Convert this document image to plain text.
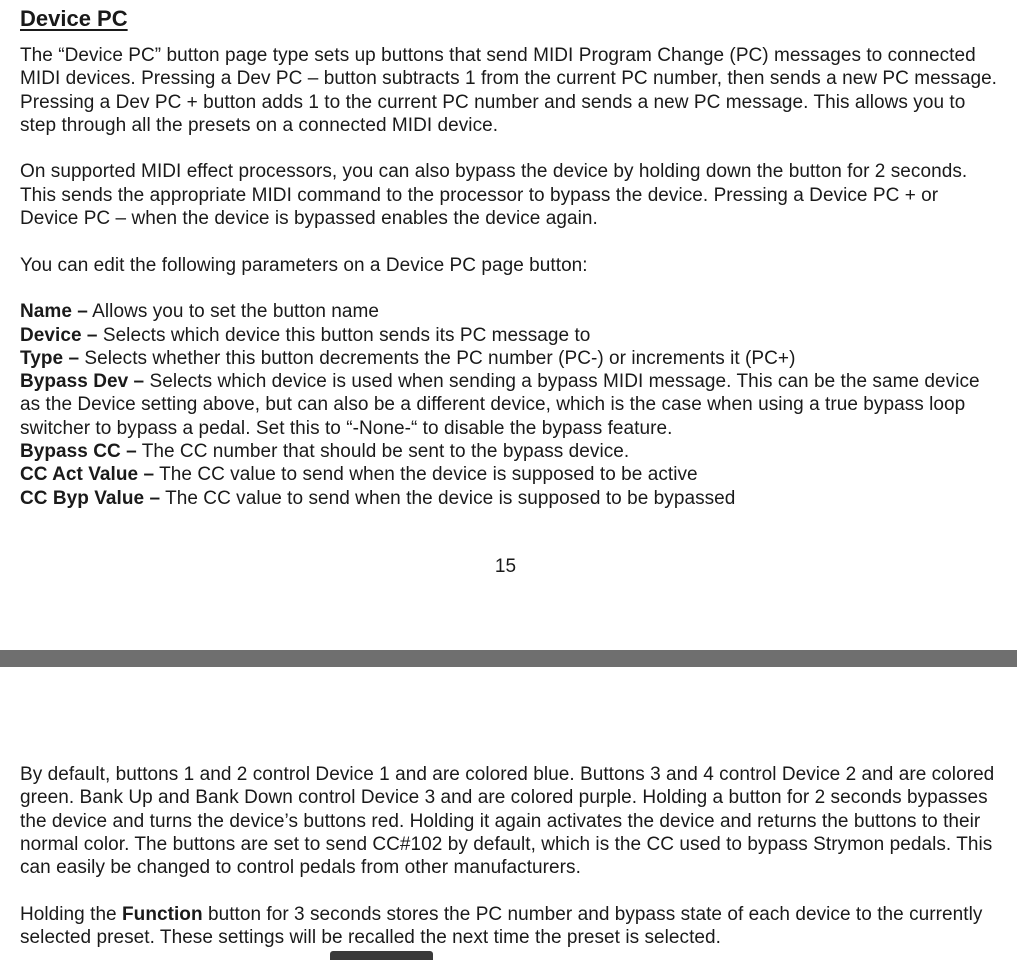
Device PC

The “Device PC” button page type sets up buttons that send MIDI Program Change (PC) messages to connected MIDI devices. Pressing a Dev PC – button subtracts 1 from the current PC number, then sends a new PC message. Pressing a Dev PC + button adds 1 to the current PC number and sends a new PC message. This allows you to step through all the presets on a connected MIDI device.

On supported MIDI effect processors, you can also bypass the device by holding down the button for 2 seconds. This sends the appropriate MIDI command to the processor to bypass the device. Pressing a Device PC + or Device PC – when the device is bypassed enables the device again.

You can edit the following parameters on a Device PC page button:

Name – Allows you to set the button name

Device – Selects which device this button sends its PC message to

Type – Selects whether this button decrements the PC number (PC-) or increments it (PC+)

Bypass Dev – Selects which device is used when sending a bypass MIDI message. This can be the same device as the Device setting above, but can also be a different device, which is the case when using a true bypass loop switcher to bypass a pedal. Set this to “-None-“ to disable the bypass feature.

Bypass CC – The CC number that should be sent to the bypass device.

CC Act Value – The CC value to send when the device is supposed to be active

CC Byp Value – The CC value to send when the device is supposed to be bypassed

15

By default, buttons 1 and 2 control Device 1 and are colored blue. Buttons 3 and 4 control Device 2 and are colored green. Bank Up and Bank Down control Device 3 and are colored purple. Holding a button for 2 seconds bypasses the device and turns the device’s buttons red. Holding it again activates the device and returns the buttons to their normal color. The buttons are set to send CC#102 by default, which is the CC used to bypass Strymon pedals. This can easily be changed to control pedals from other manufacturers.

Holding the Function button for 3 seconds stores the PC number and bypass state of each device to the currently selected preset. These settings will be recalled the next time the preset is selected.
